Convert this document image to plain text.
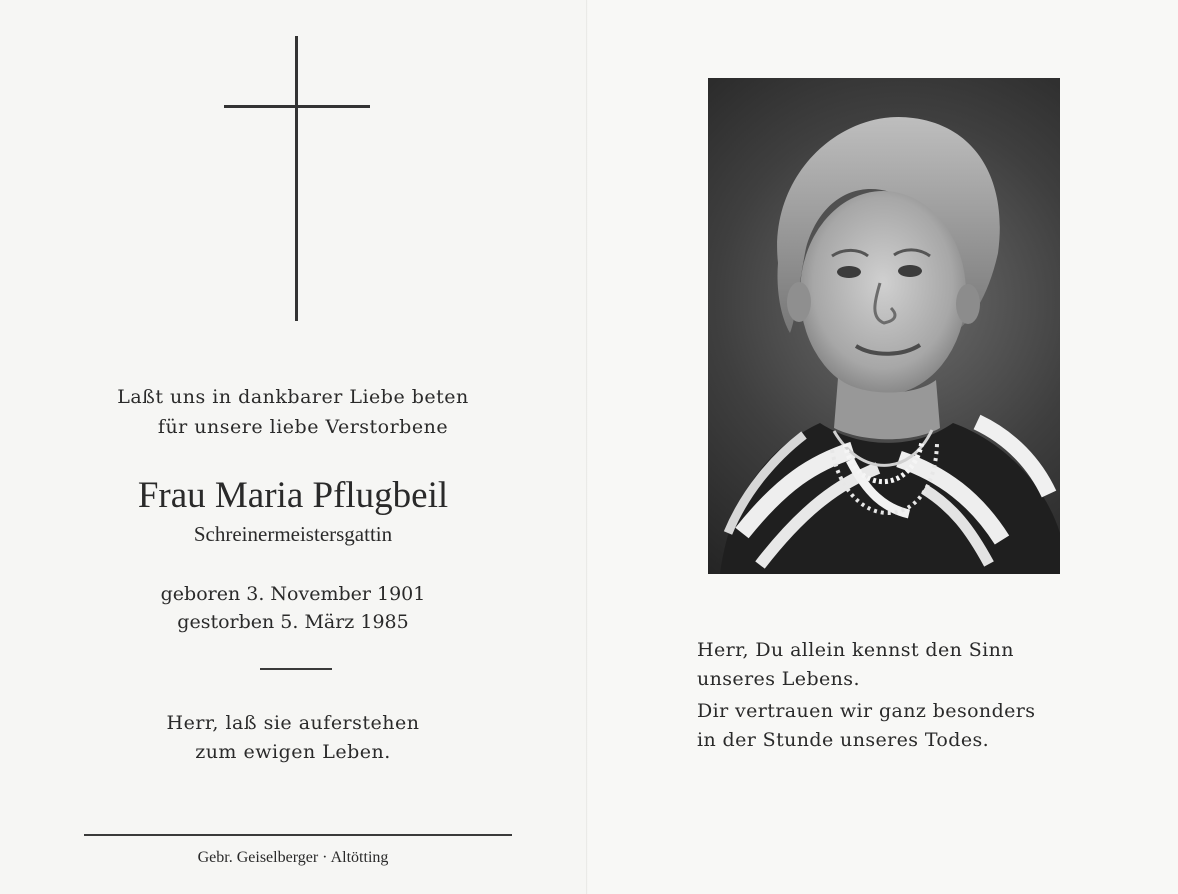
Laßt uns in dankbarer Liebe beten
für unsere liebe Verstorbene
Frau Maria Pflugbeil
Schreinermeistersgattin
geboren 3. November 1901
gestorben 5. März 1985
Herr, laß sie auferstehen
zum ewigen Leben.
Gebr. Geiselberger · Altötting
Herr, Du allein kennst den Sinn
unseres Lebens.
Dir vertrauen wir ganz besonders
in der Stunde unseres Todes.
